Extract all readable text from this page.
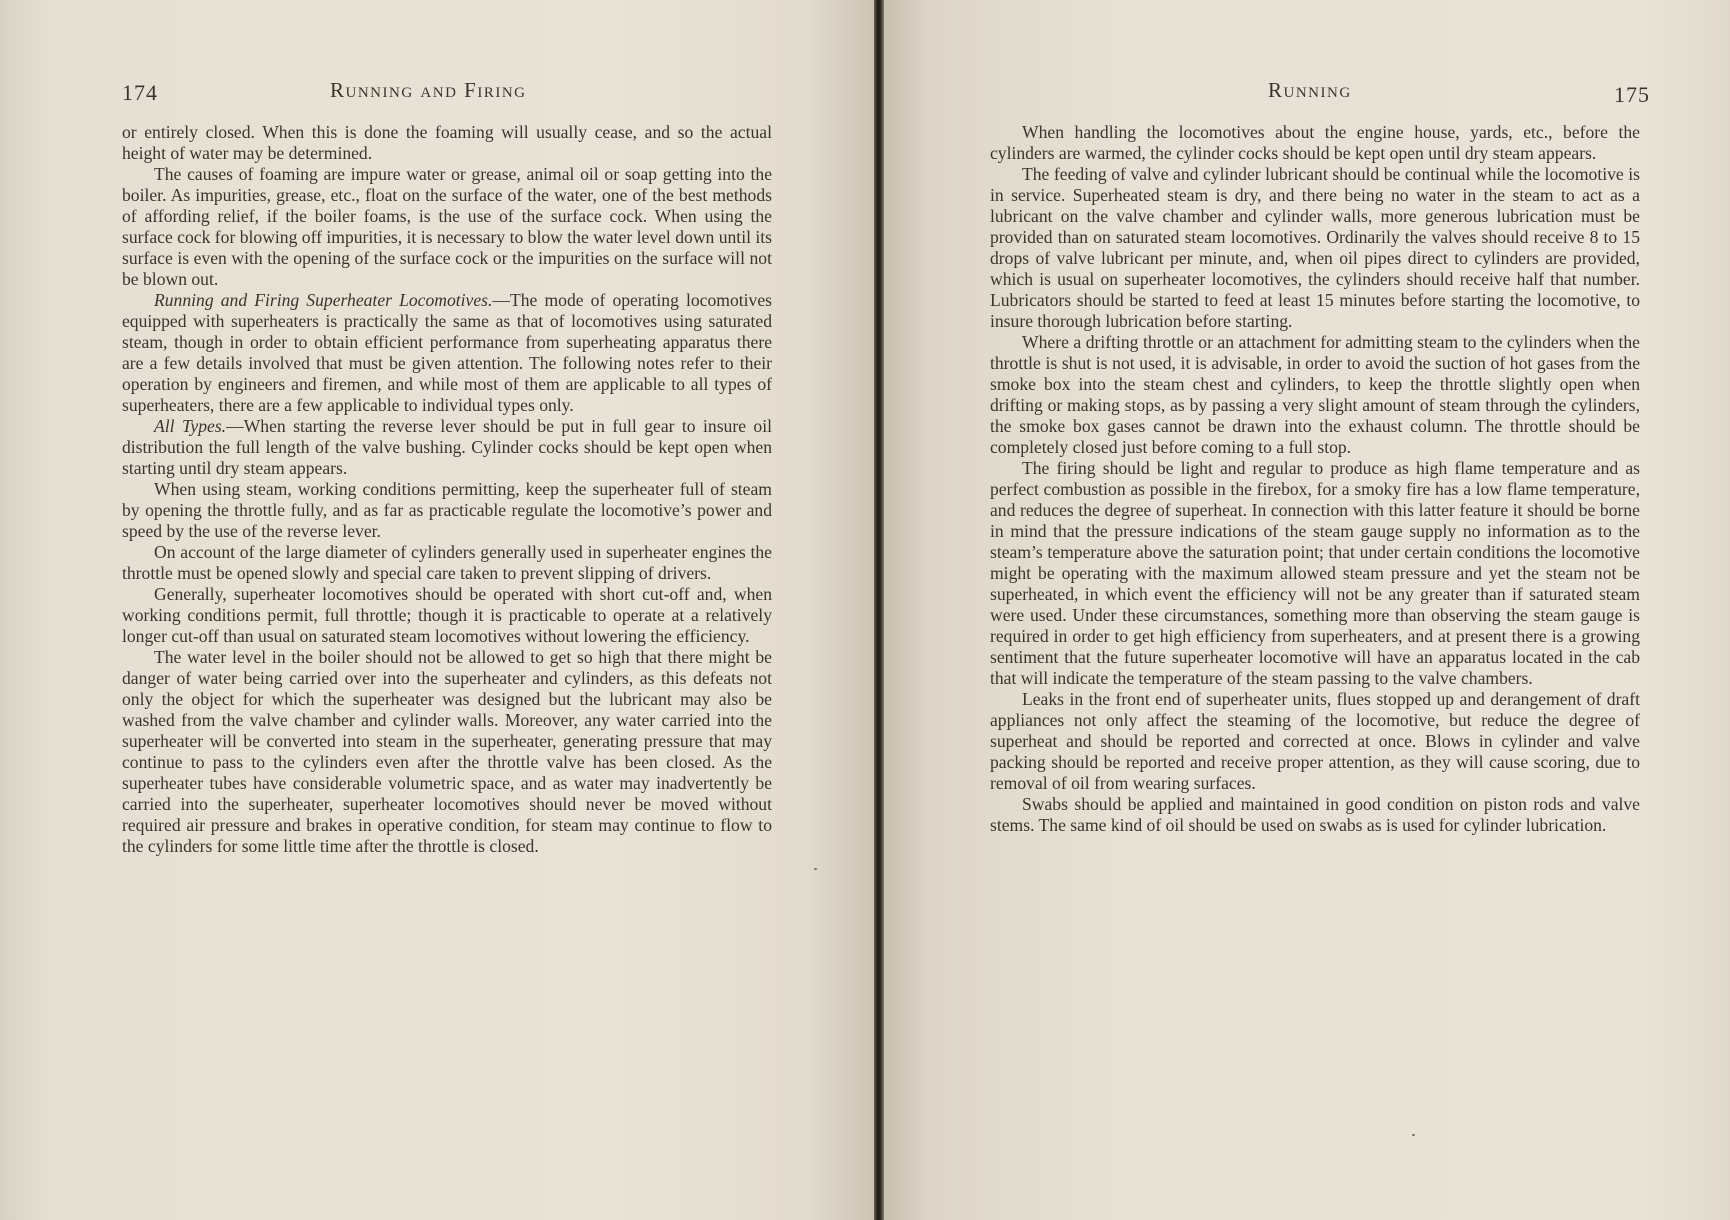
174	Running and Firing

or entirely closed. When this is done the foaming will usually cease, and so the actual height of water may be determined.

The causes of foaming are impure water or grease, animal oil or soap getting into the boiler. As impurities, grease, etc., float on the surface of the water, one of the best methods of affording relief, if the boiler foams, is the use of the surface cock. When using the surface cock for blowing off impurities, it is necessary to blow the water level down until its surface is even with the opening of the surface cock or the impurities on the surface will not be blown out.

Running and Firing Superheater Locomotives.—The mode of operating locomotives equipped with superheaters is practically the same as that of locomotives using saturated steam, though in order to obtain efficient performance from superheating apparatus there are a few details involved that must be given attention. The following notes refer to their operation by engineers and firemen, and while most of them are applicable to all types of superheaters, there are a few applicable to individual types only.

All Types.—When starting the reverse lever should be put in full gear to insure oil distribution the full length of the valve bushing. Cylinder cocks should be kept open when starting until dry steam appears.

When using steam, working conditions permitting, keep the superheater full of steam by opening the throttle fully, and as far as practicable regulate the locomotive’s power and speed by the use of the reverse lever.

On account of the large diameter of cylinders generally used in superheater engines the throttle must be opened slowly and special care taken to prevent slipping of drivers.

Generally, superheater locomotives should be operated with short cut-off and, when working conditions permit, full throttle; though it is practicable to operate at a relatively longer cut-off than usual on saturated steam locomotives without lowering the efficiency.

The water level in the boiler should not be allowed to get so high that there might be danger of water being carried over into the superheater and cylinders, as this defeats not only the object for which the superheater was designed but the lubricant may also be washed from the valve chamber and cylinder walls. Moreover, any water carried into the superheater will be converted into steam in the superheater, generating pressure that may continue to pass to the cylinders even after the throttle valve has been closed. As the superheater tubes have considerable volumetric space, and as water may inadvertently be carried into the superheater, superheater locomotives should never be moved without required air pressure and brakes in operative condition, for steam may continue to flow to the cylinders for some little time after the throttle is closed.

Running	175

When handling the locomotives about the engine house, yards, etc., before the cylinders are warmed, the cylinder cocks should be kept open until dry steam appears.

The feeding of valve and cylinder lubricant should be continual while the locomotive is in service. Superheated steam is dry, and there being no water in the steam to act as a lubricant on the valve chamber and cylinder walls, more generous lubrication must be provided than on saturated steam locomotives. Ordinarily the valves should receive 8 to 15 drops of valve lubricant per minute, and, when oil pipes direct to cylinders are provided, which is usual on superheater locomotives, the cylinders should receive half that number. Lubricators should be started to feed at least 15 minutes before starting the locomotive, to insure thorough lubrication before starting.

Where a drifting throttle or an attachment for admitting steam to the cylinders when the throttle is shut is not used, it is advisable, in order to avoid the suction of hot gases from the smoke box into the steam chest and cylinders, to keep the throttle slightly open when drifting or making stops, as by passing a very slight amount of steam through the cylinders, the smoke box gases cannot be drawn into the exhaust column. The throttle should be completely closed just before coming to a full stop.

The firing should be light and regular to produce as high flame temperature and as perfect combustion as possible in the firebox, for a smoky fire has a low flame temperature, and reduces the degree of superheat. In connection with this latter feature it should be borne in mind that the pressure indications of the steam gauge supply no information as to the steam’s temperature above the saturation point; that under certain conditions the locomotive might be operating with the maximum allowed steam pressure and yet the steam not be superheated, in which event the efficiency will not be any greater than if saturated steam were used. Under these circumstances, something more than observing the steam gauge is required in order to get high efficiency from superheaters, and at present there is a growing sentiment that the future superheater locomotive will have an apparatus located in the cab that will indicate the temperature of the steam passing to the valve chambers.

Leaks in the front end of superheater units, flues stopped up and derangement of draft appliances not only affect the steaming of the locomotive, but reduce the degree of superheat and should be reported and corrected at once. Blows in cylinder and valve packing should be reported and receive proper attention, as they will cause scoring, due to removal of oil from wearing surfaces.

Swabs should be applied and maintained in good condition on piston rods and valve stems. The same kind of oil should be used on swabs as is used for cylinder lubrication.
